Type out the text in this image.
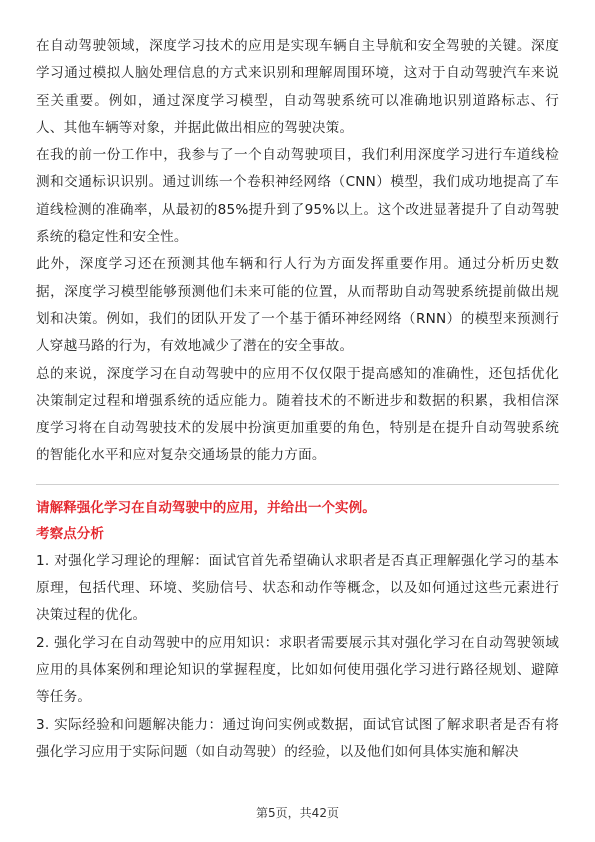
在自动驾驶领域，深度学习技术的应用是实现车辆自主导航和安全驾驶的关键。深度学习通过模拟人脑处理信息的方式来识别和理解周围环境，这对于自动驾驶汽车来说至关重要。例如，通过深度学习模型，自动驾驶系统可以准确地识别道路标志、行人、其他车辆等对象，并据此做出相应的驾驶决策。

在我的前一份工作中，我参与了一个自动驾驶项目，我们利用深度学习进行车道线检测和交通标识识别。通过训练一个卷积神经网络（CNN）模型，我们成功地提高了车道线检测的准确率，从最初的85%提升到了95%以上。这个改进显著提升了自动驾驶系统的稳定性和安全性。

此外，深度学习还在预测其他车辆和行人行为方面发挥重要作用。通过分析历史数据，深度学习模型能够预测他们未来可能的位置，从而帮助自动驾驶系统提前做出规划和决策。例如，我们的团队开发了一个基于循环神经网络（RNN）的模型来预测行人穿越马路的行为，有效地减少了潜在的安全事故。

总的来说，深度学习在自动驾驶中的应用不仅仅限于提高感知的准确性，还包括优化决策制定过程和增强系统的适应能力。随着技术的不断进步和数据的积累，我相信深度学习将在自动驾驶技术的发展中扮演更加重要的角色，特别是在提升自动驾驶系统的智能化水平和应对复杂交通场景的能力方面。

请解释强化学习在自动驾驶中的应用，并给出一个实例。

考察点分析

1. 对强化学习理论的理解：面试官首先希望确认求职者是否真正理解强化学习的基本原理，包括代理、环境、奖励信号、状态和动作等概念，以及如何通过这些元素进行决策过程的优化。

2. 强化学习在自动驾驶中的应用知识：求职者需要展示其对强化学习在自动驾驶领域应用的具体案例和理论知识的掌握程度，比如如何使用强化学习进行路径规划、避障等任务。

3. 实际经验和问题解决能力：通过询问实例或数据，面试官试图了解求职者是否有将强化学习应用于实际问题（如自动驾驶）的经验，以及他们如何具体实施和解决

第5页，共42页
